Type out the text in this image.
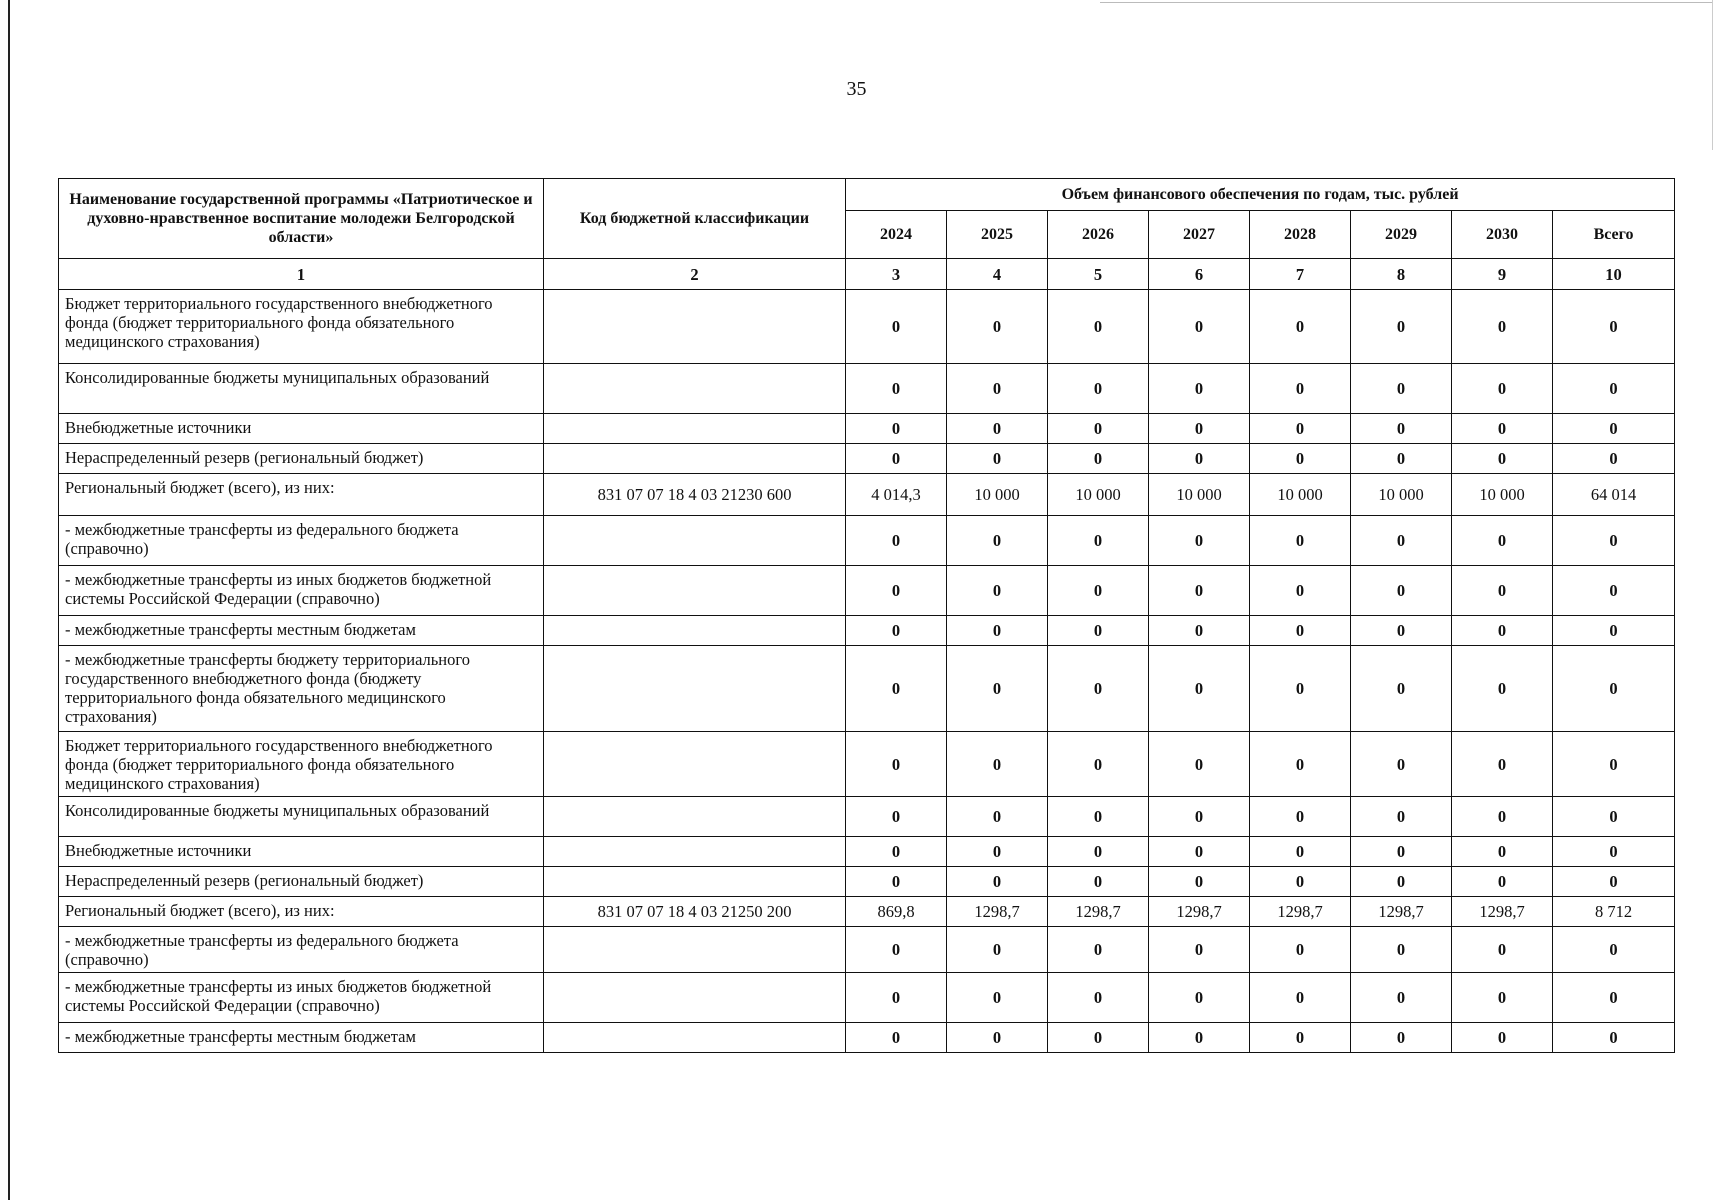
35
Наименование государственной программы «Патриотическое и духовно-нравственное воспитание молодежи Белгородской области»	Код бюджетной классификации	Объем финансового обеспечения по годам, тыс. рублей							
		2024	2025	2026	2027	2028	2029	2030	Всего
1	2	3	4	5	6	7	8	9	10
Бюджет территориального государственного внебюджетного фонда (бюджет территориального фонда обязательного медицинского страхования)		0	0	0	0	0	0	0	0
Консолидированные бюджеты муниципальных образований		0	0	0	0	0	0	0	0
Внебюджетные источники		0	0	0	0	0	0	0	0
Нераспределенный резерв (региональный бюджет)		0	0	0	0	0	0	0	0
Региональный бюджет (всего), из них:	831 07 07 18 4 03 21230 600	4 014,3	10 000	10 000	10 000	10 000	10 000	10 000	64 014
- межбюджетные трансферты из федерального бюджета (справочно)		0	0	0	0	0	0	0	0
- межбюджетные трансферты из иных бюджетов бюджетной системы Российской Федерации (справочно)		0	0	0	0	0	0	0	0
- межбюджетные трансферты местным бюджетам		0	0	0	0	0	0	0	0
- межбюджетные трансферты бюджету территориального государственного внебюджетного фонда (бюджету территориального фонда обязательного медицинского страхования)		0	0	0	0	0	0	0	0
Бюджет территориального государственного внебюджетного фонда (бюджет территориального фонда обязательного медицинского страхования)		0	0	0	0	0	0	0	0
Консолидированные бюджеты муниципальных образований		0	0	0	0	0	0	0	0
Внебюджетные источники		0	0	0	0	0	0	0	0
Нераспределенный резерв (региональный бюджет)		0	0	0	0	0	0	0	0
Региональный бюджет (всего), из них:	831 07 07 18 4 03 21250 200	869,8	1298,7	1298,7	1298,7	1298,7	1298,7	1298,7	8 712
- межбюджетные трансферты из федерального бюджета (справочно)		0	0	0	0	0	0	0	0
- межбюджетные трансферты из иных бюджетов бюджетной системы Российской Федерации (справочно)		0	0	0	0	0	0	0	0
- межбюджетные трансферты местным бюджетам		0	0	0	0	0	0	0	0
